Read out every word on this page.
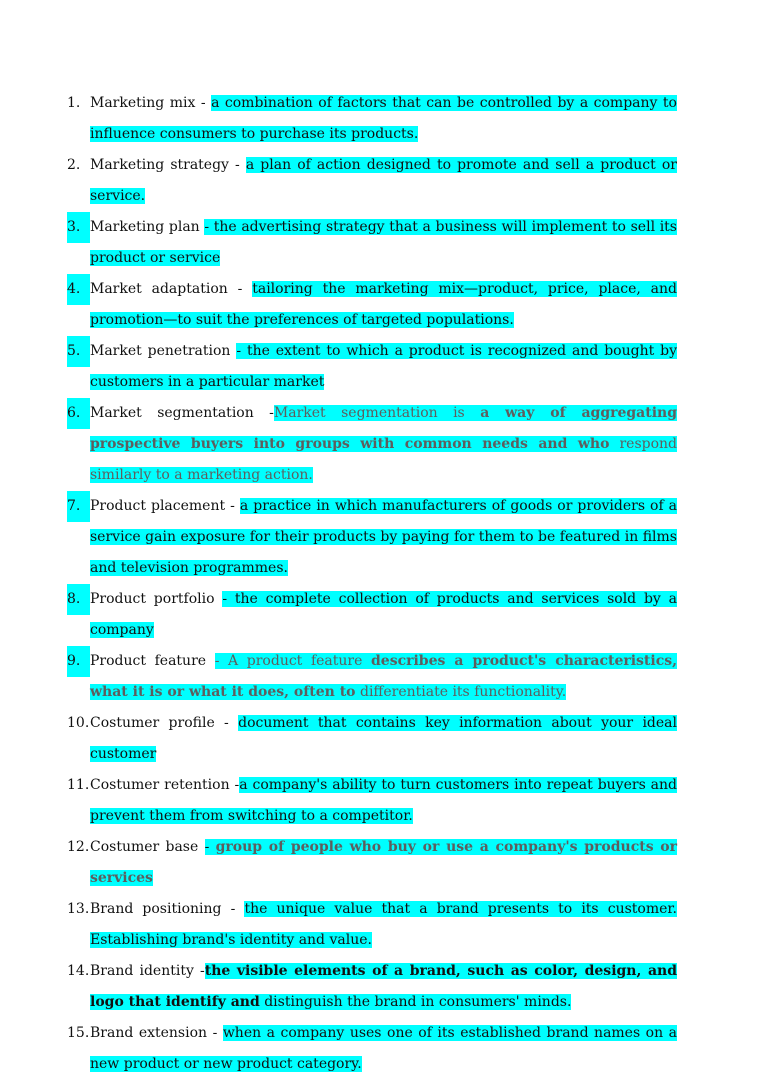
1. Marketing mix - a combination of factors that can be controlled by a company to influence consumers to purchase its products.
2. Marketing strategy - a plan of action designed to promote and sell a product or service.
3. Marketing plan - the advertising strategy that a business will implement to sell its product or service
4. Market adaptation - tailoring the marketing mix—product, price, place, and promotion—to suit the preferences of targeted populations.
5. Market penetration - the extent to which a product is recognized and bought by customers in a particular market
6. Market segmentation -Market segmentation is a way of aggregating prospective buyers into groups with common needs and who respond similarly to a marketing action.
7. Product placement - a practice in which manufacturers of goods or providers of a service gain exposure for their products by paying for them to be featured in films and television programmes.
8. Product portfolio - the complete collection of products and services sold by a company
9. Product feature - A product feature describes a product's characteristics, what it is or what it does, often to differentiate its functionality.
10. Costumer profile - document that contains key information about your ideal customer
11. Costumer retention -a company's ability to turn customers into repeat buyers and prevent them from switching to a competitor.
12. Costumer base - group of people who buy or use a company's products or services
13. Brand positioning - the unique value that a brand presents to its customer. Establishing brand's identity and value.
14. Brand identity -the visible elements of a brand, such as color, design, and logo that identify and distinguish the brand in consumers' minds.
15. Brand extension - when a company uses one of its established brand names on a new product or new product category.
